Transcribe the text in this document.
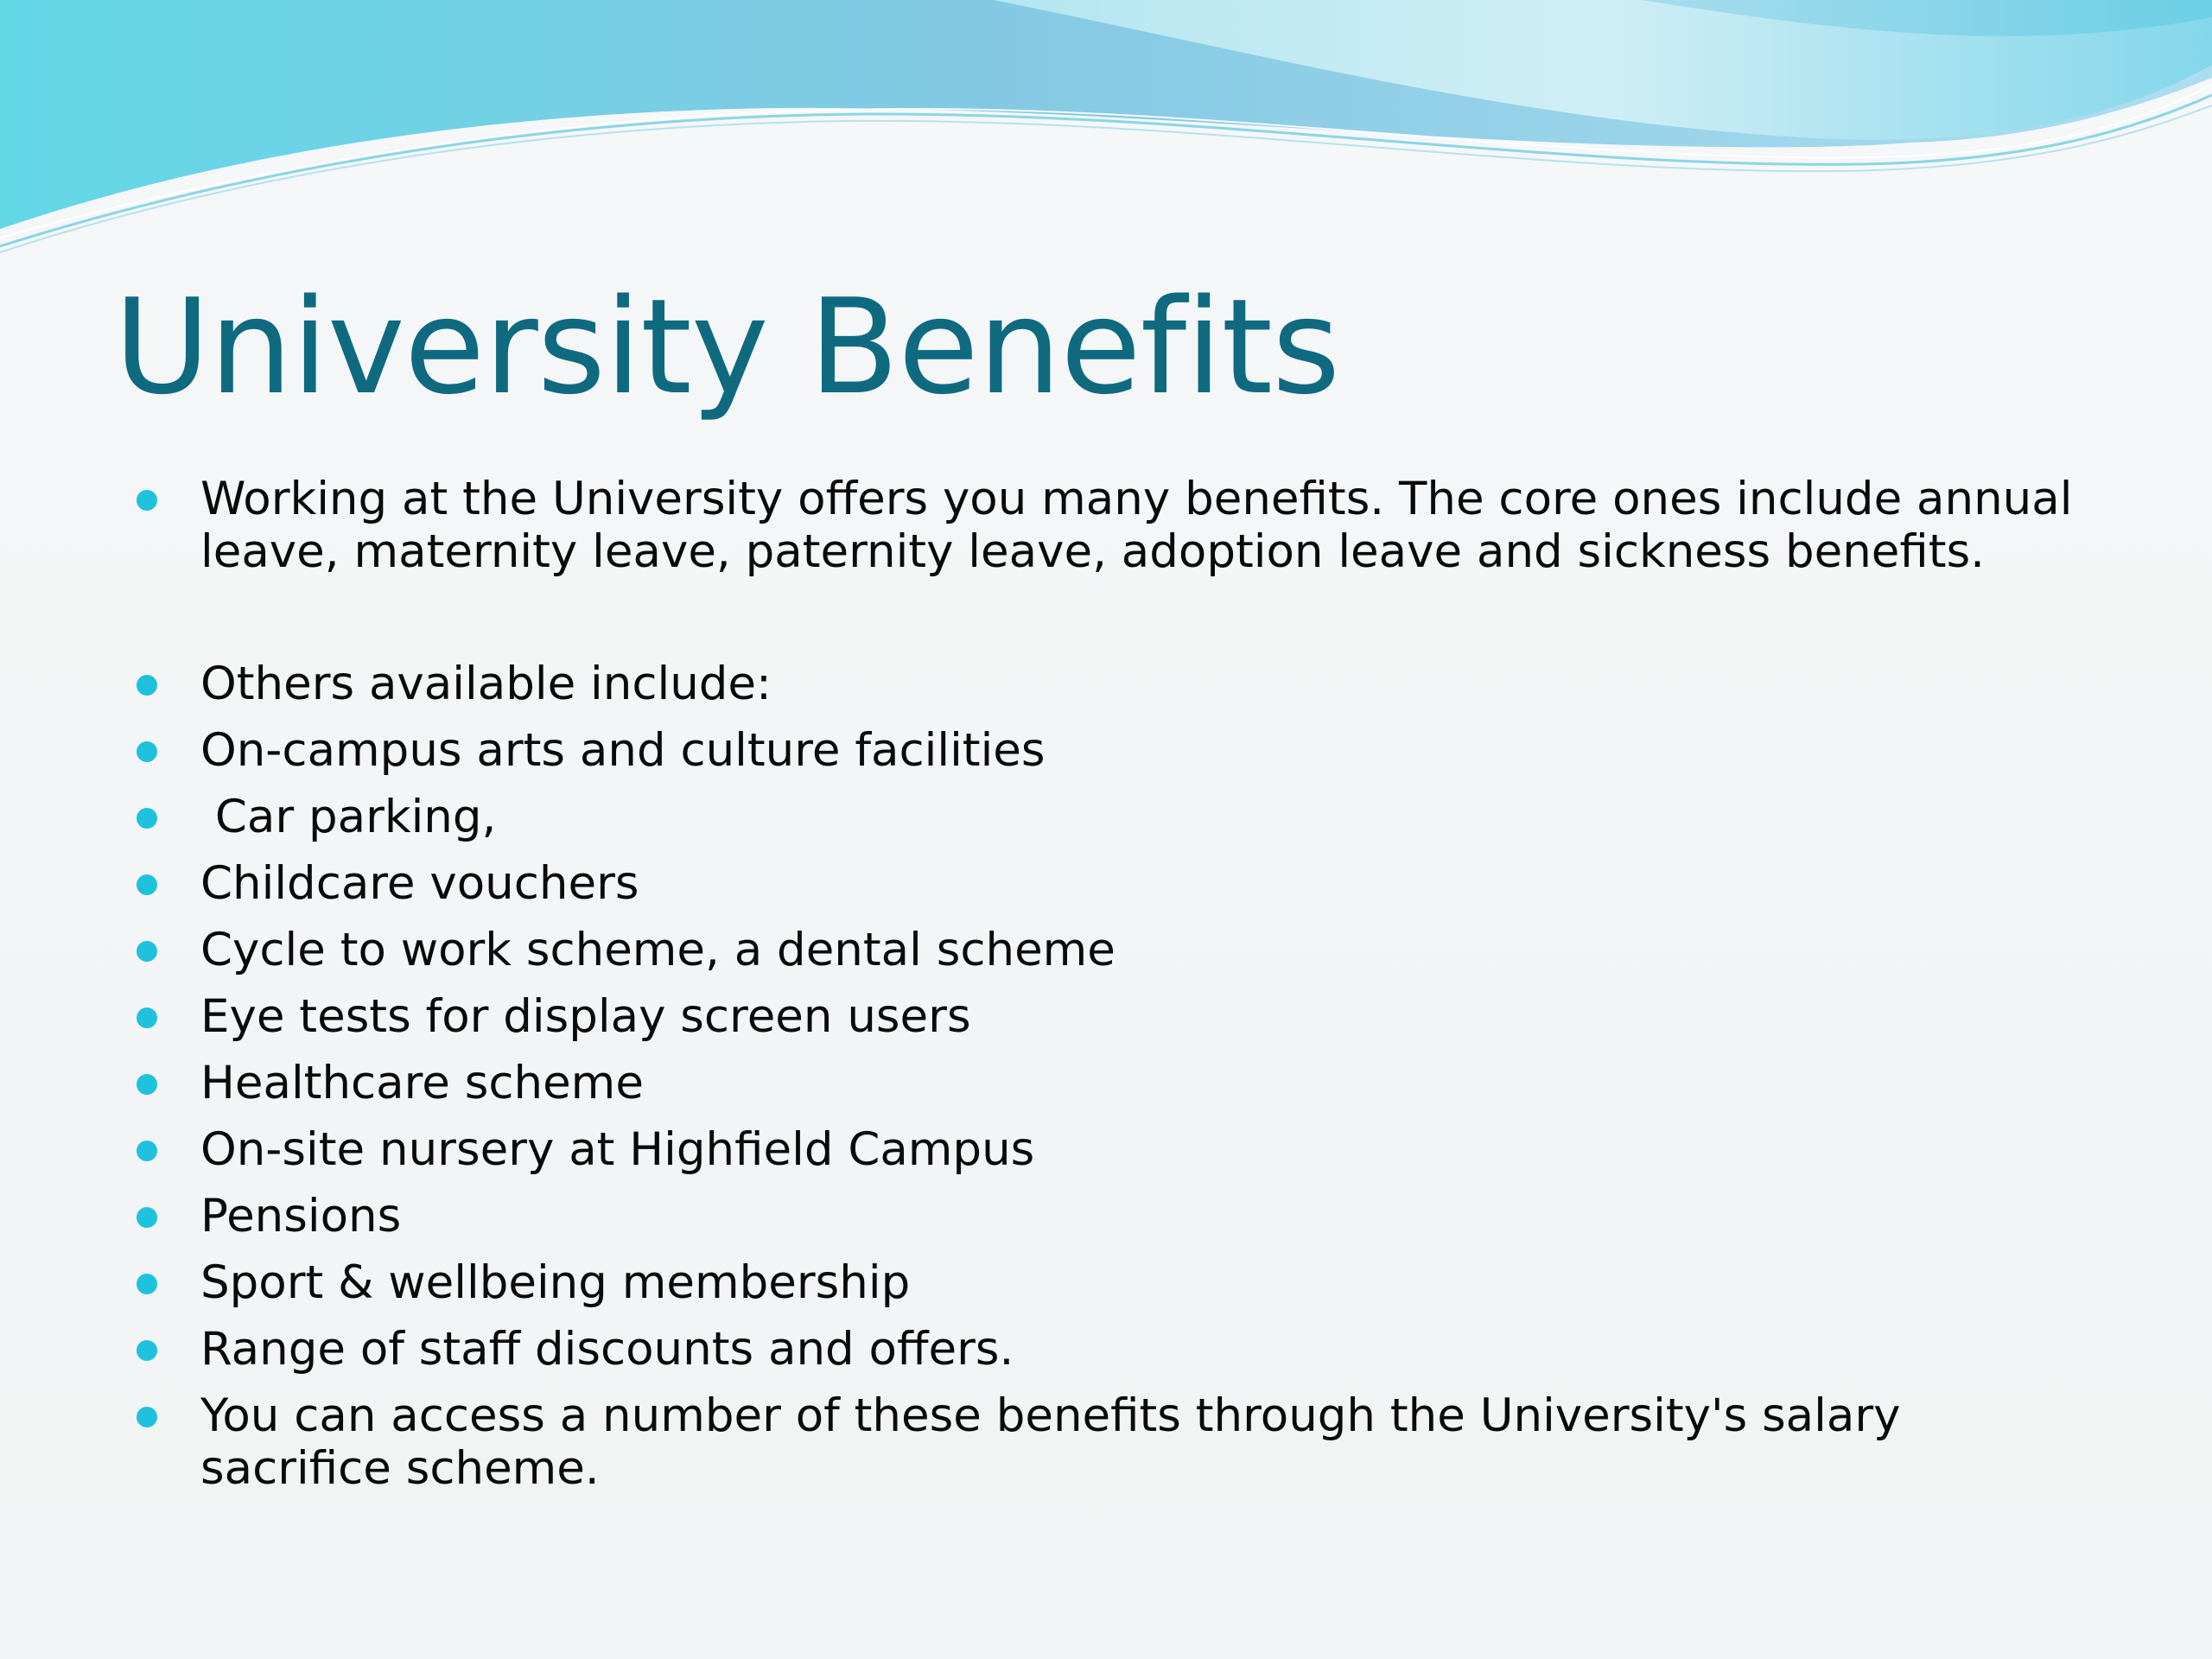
University Benefits
Working at the University offers you many benefits. The core ones include annual leave, maternity leave, paternity leave, adoption leave and sickness benefits.
Others available include:
On-campus arts and culture facilities
Car parking,
Childcare vouchers
Cycle to work scheme, a dental scheme
Eye tests for display screen users
Healthcare scheme
On-site nursery at Highfield Campus
Pensions
Sport & wellbeing membership
Range of staff discounts and offers.
You can access a number of these benefits through the University's salary sacrifice scheme.
